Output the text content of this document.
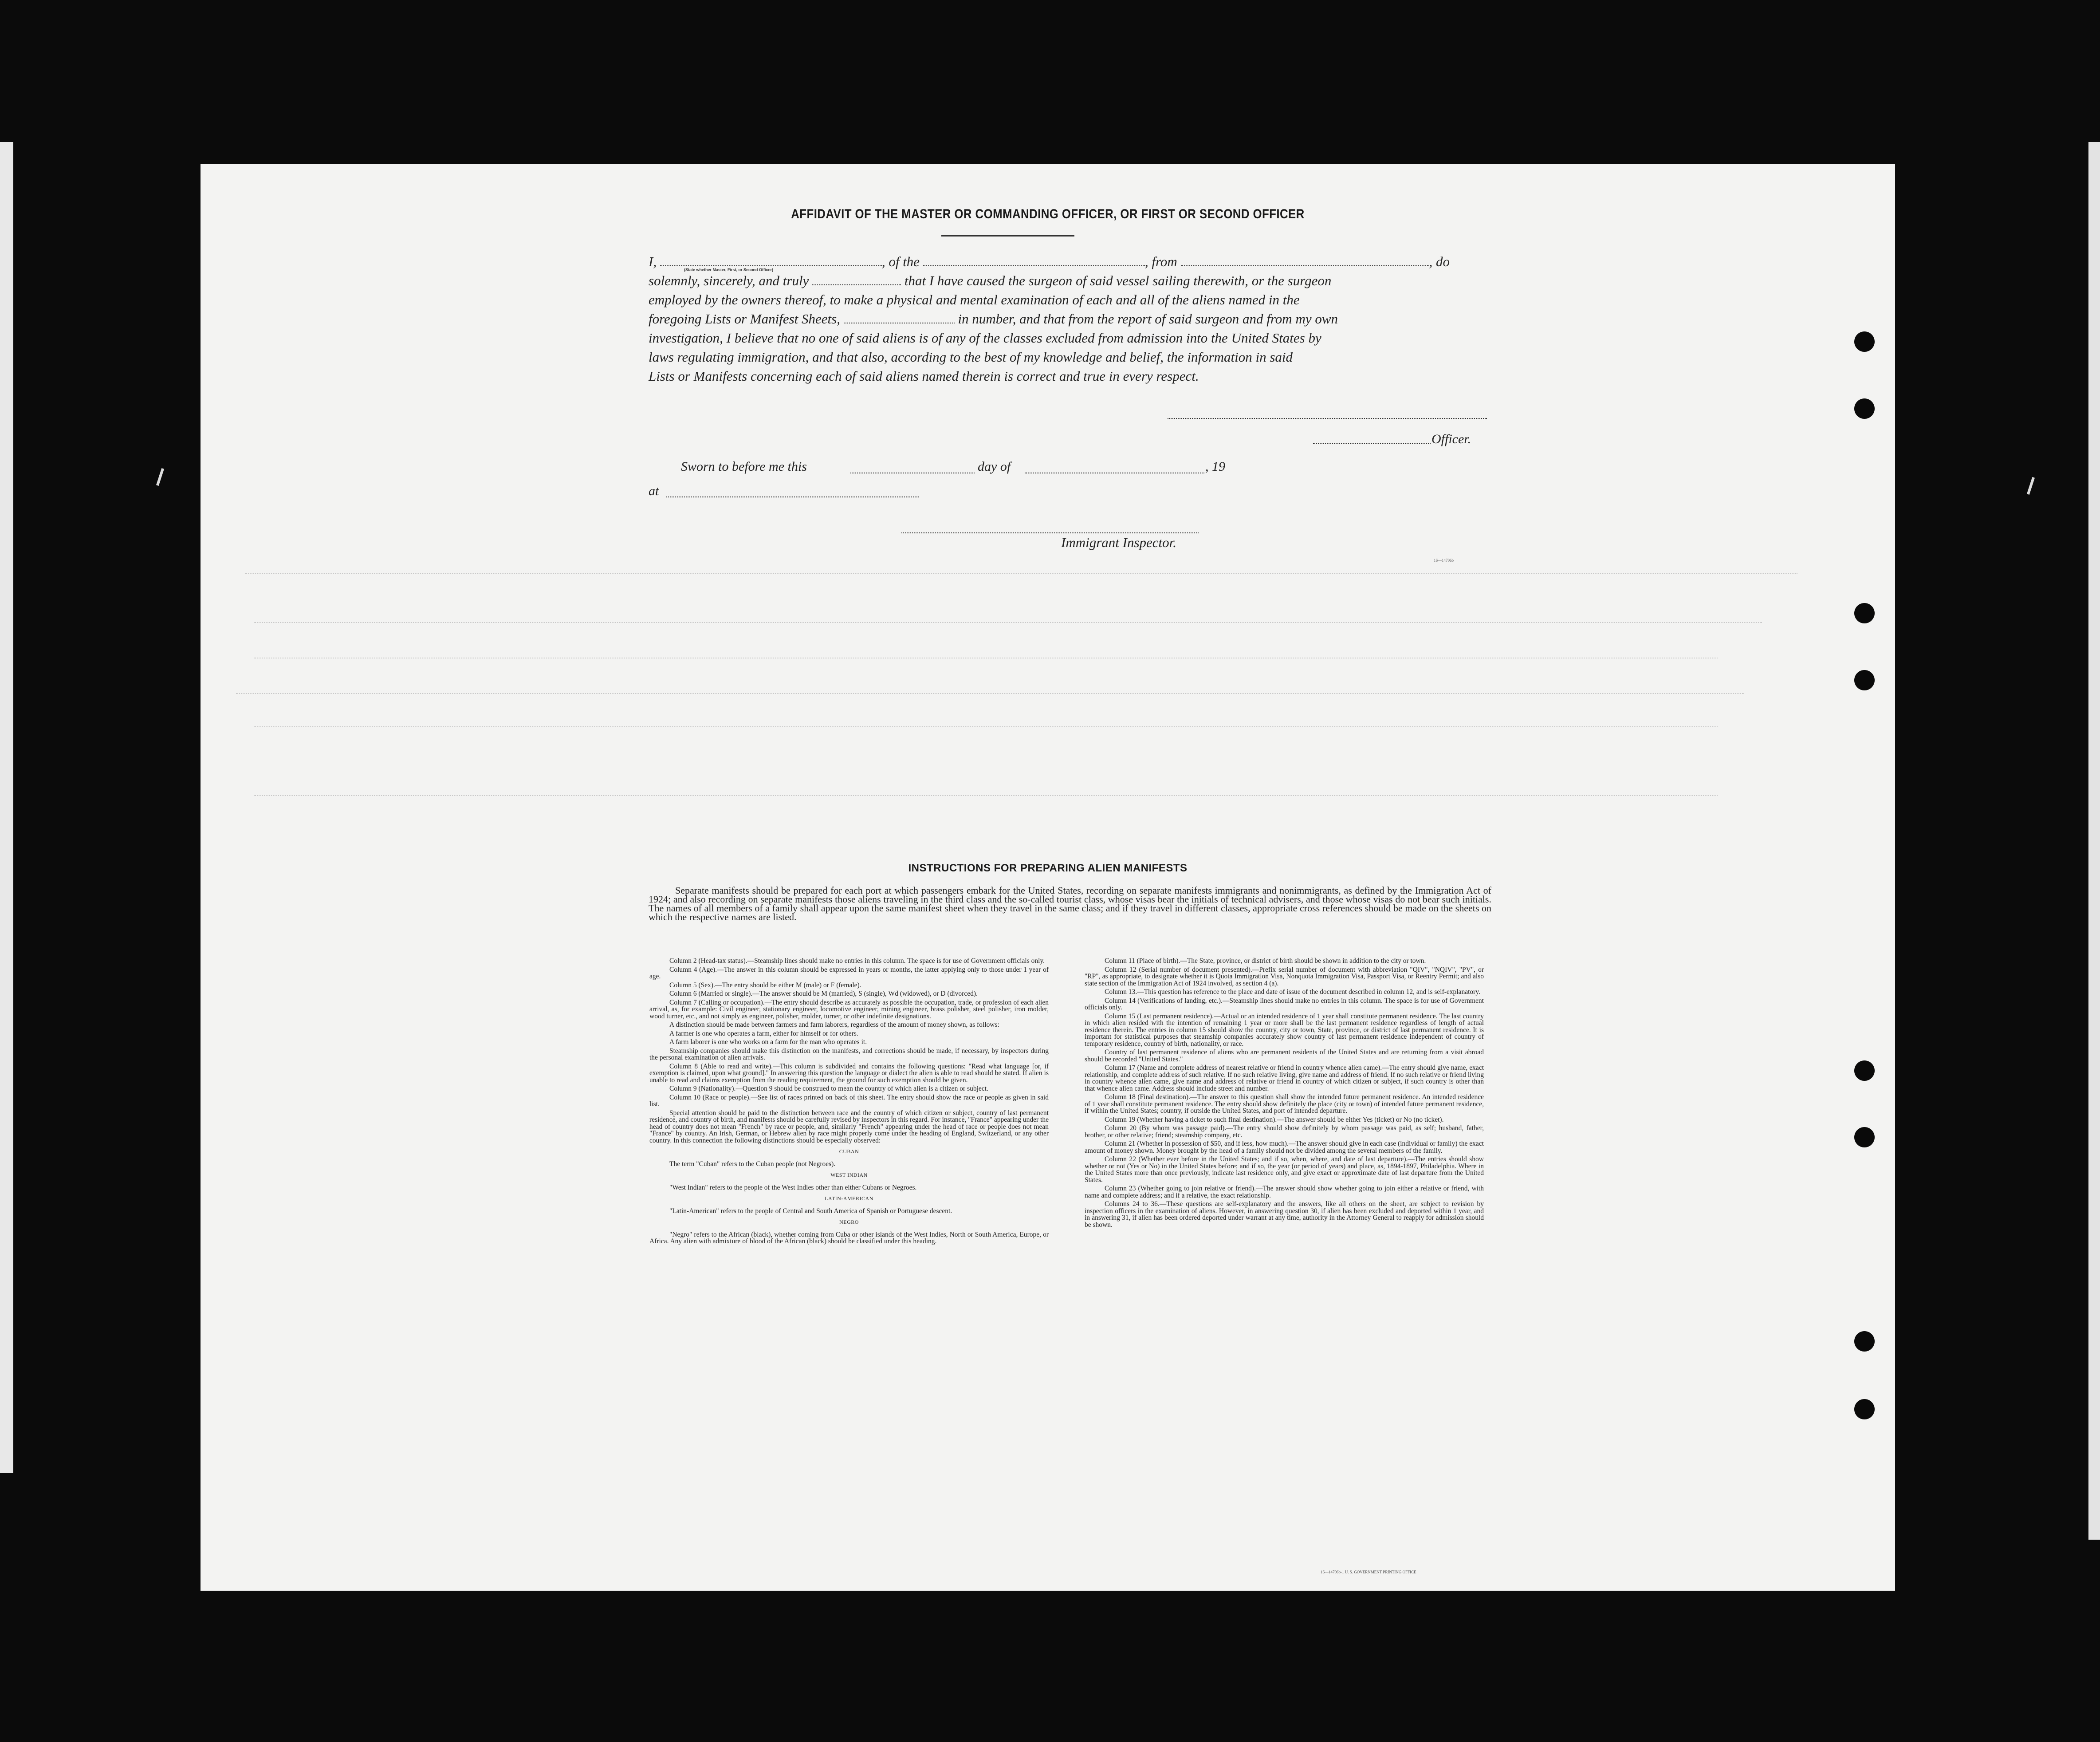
AFFIDAVIT OF THE MASTER OR COMMANDING OFFICER, OR FIRST OR SECOND OFFICER

I,	, of the	, from	, do

solemnly, sincerely, and truly	that I have caused the surgeon of said vessel sailing therewith, or the surgeon

employed by the owners thereof, to make a physical and mental examination of each and all of the aliens named in the

foregoing Lists or Manifest Sheets,	in number, and that from the report of said surgeon and from my own

investigation, I believe that no one of said aliens is of any of the classes excluded from admission into the United States by

laws regulating immigration, and that also, according to the best of my knowledge and belief, the information in said

Lists or Manifests concerning each of said aliens named therein is correct and true in every respect.

(State whether Master, First, or Second Officer)
Officer.
Sworn to before me this	day of	, 19
at
Immigrant Inspector.
16—14706b
INSTRUCTIONS FOR PREPARING ALIEN MANIFESTS

Separate manifests should be prepared for each port at which passengers embark for the United States, recording on separate manifests immigrants and nonimmigrants, as defined by the Immigration Act of 1924; and also recording on separate manifests those aliens traveling in the third class and the so-called tourist class, whose visas bear the initials of technical advisers, and those whose visas do not bear such initials. The names of all members of a family shall appear upon the same manifest sheet when they travel in the same class; and if they travel in different classes, appropriate cross references should be made on the sheets on which the respective names are listed.

Column 2 (Head-tax status).—Steamship lines should make no entries in this column. The space is for use of Government officials only.

Column 4 (Age).—The answer in this column should be expressed in years or months, the latter applying only to those under 1 year of age.

Column 5 (Sex).—The entry should be either M (male) or F (female).

Column 6 (Married or single).—The answer should be M (married), S (single), Wd (widowed), or D (divorced).

Column 7 (Calling or occupation).—The entry should describe as accurately as possible the occupation, trade, or profession of each alien arrival, as, for example: Civil engineer, stationary engineer, locomotive engineer, mining engineer, brass polisher, steel polisher, iron molder, wood turner, etc., and not simply as engineer, polisher, molder, turner, or other indefinite designations.

A distinction should be made between farmers and farm laborers, regardless of the amount of money shown, as follows:

A farmer is one who operates a farm, either for himself or for others.

A farm laborer is one who works on a farm for the man who operates it.

Steamship companies should make this distinction on the manifests, and corrections should be made, if necessary, by inspectors during the personal examination of alien arrivals.

Column 8 (Able to read and write).—This column is subdivided and contains the following questions: "Read what language [or, if exemption is claimed, upon what ground]." In answering this question the language or dialect the alien is able to read should be stated. If alien is unable to read and claims exemption from the reading requirement, the ground for such exemption should be given.

Column 9 (Nationality).—Question 9 should be construed to mean the country of which alien is a citizen or subject.

Column 10 (Race or people).—See list of races printed on back of this sheet. The entry should show the race or people as given in said list.

Special attention should be paid to the distinction between race and the country of which citizen or subject, country of last permanent residence, and country of birth, and manifests should be carefully revised by inspectors in this regard. For instance, "France" appearing under the head of country does not mean "French" by race or people, and, similarly "French" appearing under the head of race or people does not mean "France" by country. An Irish, German, or Hebrew alien by race might properly come under the heading of England, Switzerland, or any other country. In this connection the following distinctions should be especially observed:

CUBAN

The term "Cuban" refers to the Cuban people (not Negroes).

WEST INDIAN

"West Indian" refers to the people of the West Indies other than either Cubans or Negroes.

LATIN-AMERICAN

"Latin-American" refers to the people of Central and South America of Spanish or Portuguese descent.

NEGRO

"Negro" refers to the African (black), whether coming from Cuba or other islands of the West Indies, North or South America, Europe, or Africa. Any alien with admixture of blood of the African (black) should be classified under this heading.

Column 11 (Place of birth).—The State, province, or district of birth should be shown in addition to the city or town.

Column 12 (Serial number of document presented).—Prefix serial number of document with abbreviation "QIV", "NQIV", "PV", or "RP", as appropriate, to designate whether it is Quota Immigration Visa, Nonquota Immigration Visa, Passport Visa, or Reentry Permit; and also state section of the Immigration Act of 1924 involved, as section 4 (a).

Column 13.—This question has reference to the place and date of issue of the document described in column 12, and is self-explanatory.

Column 14 (Verifications of landing, etc.).—Steamship lines should make no entries in this column. The space is for use of Government officials only.

Column 15 (Last permanent residence).—Actual or an intended residence of 1 year shall constitute permanent residence. The last country in which alien resided with the intention of remaining 1 year or more shall be the last permanent residence regardless of length of actual residence therein. The entries in column 15 should show the country, city or town, State, province, or district of last permanent residence. It is important for statistical purposes that steamship companies accurately show country of last permanent residence independent of country of temporary residence, country of birth, nationality, or race.

Country of last permanent residence of aliens who are permanent residents of the United States and are returning from a visit abroad should be recorded "United States."

Column 17 (Name and complete address of nearest relative or friend in country whence alien came).—The entry should give name, exact relationship, and complete address of such relative. If no such relative living, give name and address of friend. If no such relative or friend living in country whence alien came, give name and address of relative or friend in country of which citizen or subject, if such country is other than that whence alien came. Address should include street and number.

Column 18 (Final destination).—The answer to this question shall show the intended future permanent residence. An intended residence of 1 year shall constitute permanent residence. The entry should show definitely the place (city or town) of intended future permanent residence, if within the United States; country, if outside the United States, and port of intended departure.

Column 19 (Whether having a ticket to such final destination).—The answer should be either Yes (ticket) or No (no ticket).

Column 20 (By whom was passage paid).—The entry should show definitely by whom passage was paid, as self; husband, father, brother, or other relative; friend; steamship company, etc.

Column 21 (Whether in possession of $50, and if less, how much).—The answer should give in each case (individual or family) the exact amount of money shown. Money brought by the head of a family should not be divided among the several members of the family.

Column 22 (Whether ever before in the United States; and if so, when, where, and date of last departure).—The entries should show whether or not (Yes or No) in the United States before; and if so, the year (or period of years) and place, as, 1894-1897, Philadelphia. Where in the United States more than once previously, indicate last residence only, and give exact or approximate date of last departure from the United States.

Column 23 (Whether going to join relative or friend).—The answer should show whether going to join either a relative or friend, with name and complete address; and if a relative, the exact relationship.

Columns 24 to 36.—These questions are self-explanatory and the answers, like all others on the sheet, are subject to revision by inspection officers in the examination of aliens. However, in answering question 30, if alien has been excluded and deported within 1 year, and in answering 31, if alien has been ordered deported under warrant at any time, authority in the Attorney General to reapply for admission should be shown.

16—14706b-1 U. S. GOVERNMENT PRINTING OFFICE
